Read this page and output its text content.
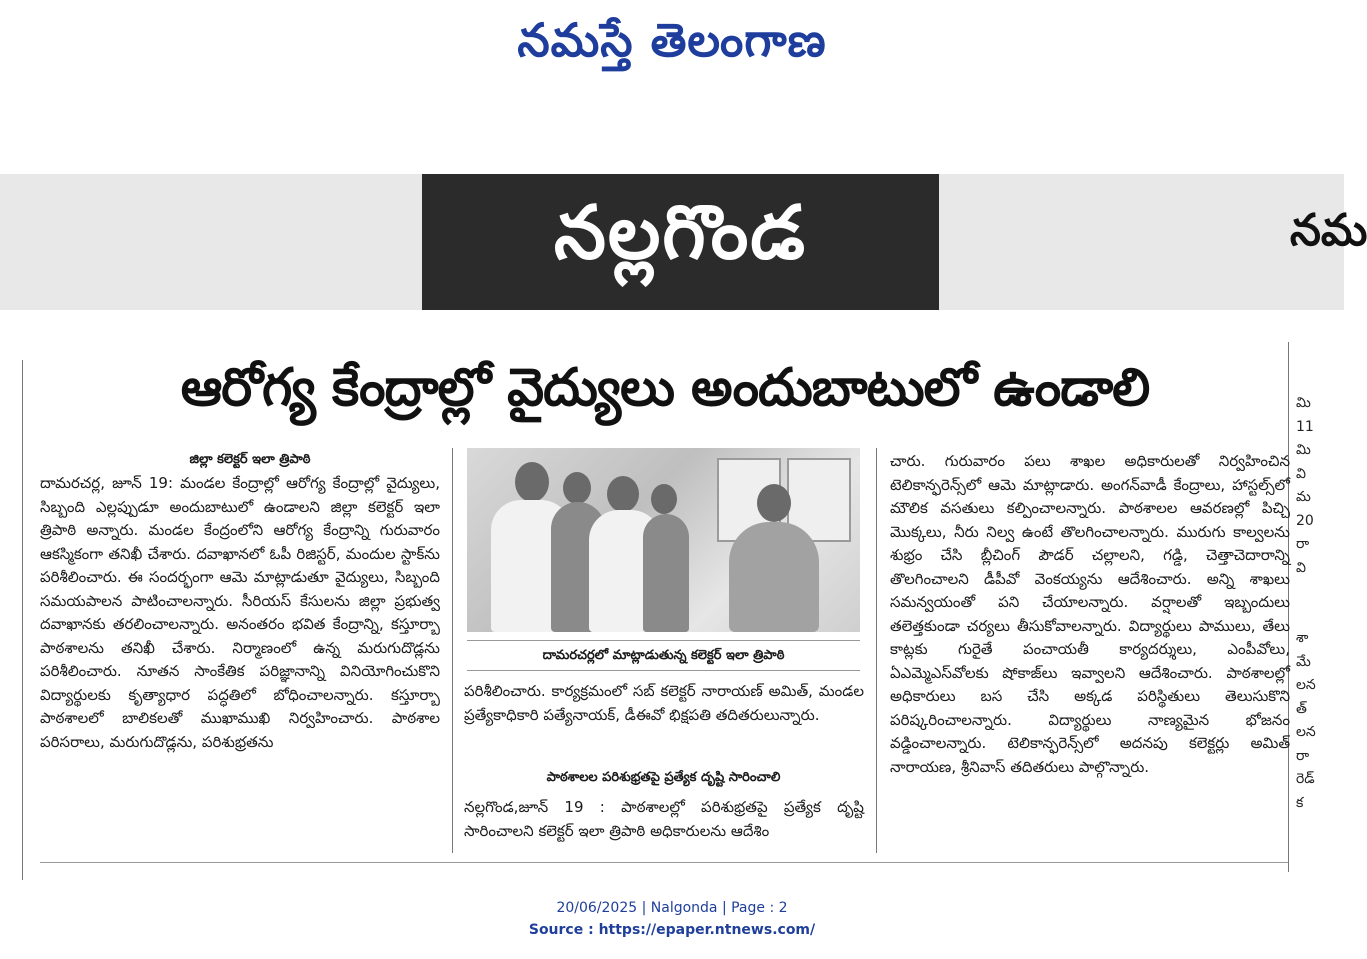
నమస్తే తెలంగాణ
నల్లగొండ	నమ
ఆరోగ్య కేంద్రాల్లో వైద్యులు అందుబాటులో ఉండాలి
జిల్లా కలెక్టర్ ఇలా త్రిపాఠి

దామరచర్ల, జూన్ 19: మండల కేంద్రాల్లో ఆరోగ్య కేంద్రాల్లో వైద్యులు, సిబ్బంది ఎల్లప్పుడూ అందుబాటులో ఉండాలని జిల్లా కలెక్టర్ ఇలా త్రిపాఠి అన్నారు. మండల కేంద్రంలోని ఆరోగ్య కేంద్రాన్ని గురువారం ఆకస్మికంగా తనిఖీ చేశారు. దవాఖానలో ఓపీ రిజిస్టర్, మందుల స్టాక్‌ను పరిశీలించారు. ఈ సందర్భంగా ఆమె మాట్లాడుతూ వైద్యులు, సిబ్బంది సమయపాలన పాటించాలన్నారు. సీరియస్ కేసులను జిల్లా ప్రభుత్వ దవాఖానకు తరలించాలన్నారు. అనంతరం భవిత కేంద్రాన్ని, కస్తూర్బా పాఠశాలను తనిఖీ చేశారు. నిర్మాణంలో ఉన్న మరుగుదొడ్లను పరిశీలించారు. నూతన సాంకేతిక పరిజ్ఞానాన్ని వినియోగించుకొని విద్యార్థులకు కృత్యాధార పద్ధతిలో బోధించాలన్నారు. కస్తూర్బా పాఠశాలలో బాలికలతో ముఖాముఖి నిర్వహించారు. పాఠశాల పరిసరాలు, మరుగుదొడ్లను, పరిశుభ్రతను

దామరచర్లలో మాట్లాడుతున్న కలెక్టర్ ఇలా త్రిపాఠి

పరిశీలించారు. కార్యక్రమంలో సబ్ కలెక్టర్ నారాయణ్ అమిత్, మండల ప్రత్యేకాధికారి పత్యేనాయక్, డీఈవో భిక్షపతి తదితరులున్నారు.

పాఠశాలల పరిశుభ్రతపై ప్రత్యేక దృష్టి సారించాలి

నల్లగొండ,జూన్ 19 : పాఠశాలల్లో పరిశుభ్రతపై ప్రత్యేక దృష్టి సారించాలని కలెక్టర్ ఇలా త్రిపాఠి అధికారులను ఆదేశిం

చారు. గురువారం పలు శాఖల అధికారులతో నిర్వహించిన టెలికాన్ఫరెన్స్‌లో ఆమె మాట్లాడారు. అంగన్‌వాడీ కేంద్రాలు, హాస్టల్స్‌లో మౌలిక వసతులు కల్పించాలన్నారు. పాఠశాలల ఆవరణల్లో పిచ్చి మొక్కలు, నీరు నిల్వ ఉంటే తొలగించాలన్నారు. మురుగు కాల్వలను శుభ్రం చేసి బ్లీచింగ్ పౌడర్ చల్లాలని, గడ్డి, చెత్తాచెదారాన్ని తొలగించాలని డీపీవో వెంకయ్యను ఆదేశించారు. అన్ని శాఖలు సమన్వయంతో పని చేయాలన్నారు. వర్షాలతో ఇబ్బందులు తలెత్తకుండా చర్యలు తీసుకోవాలన్నారు. విద్యార్థులు పాములు, తేలు కాట్లకు గురైతే పంచాయతీ కార్యదర్శులు, ఎంపీవోలు, ఏఎమ్మెఎస్‌వోలకు షోకాజ్‌లు ఇవ్వాలని ఆదేశించారు. పాఠశాలల్లో అధికారులు బస చేసి అక్కడ పరిస్థితులు తెలుసుకొని పరిష్కరించాలన్నారు. విద్యార్థులు నాణ్యమైన భోజనం వడ్డించాలన్నారు. టెలికాన్ఫరెన్స్‌లో అదనపు కలెక్టర్లు అమిత్ నారాయణ, శ్రీనివాస్ తదితరులు పాల్గొన్నారు.

మి
11
మి
వి
మ
20
రా
వి
శా
మే
లన
త్
లన
రా
రెడ్
క
20/06/2025 | Nalgonda | Page : 2
Source : https://epaper.ntnews.com/
